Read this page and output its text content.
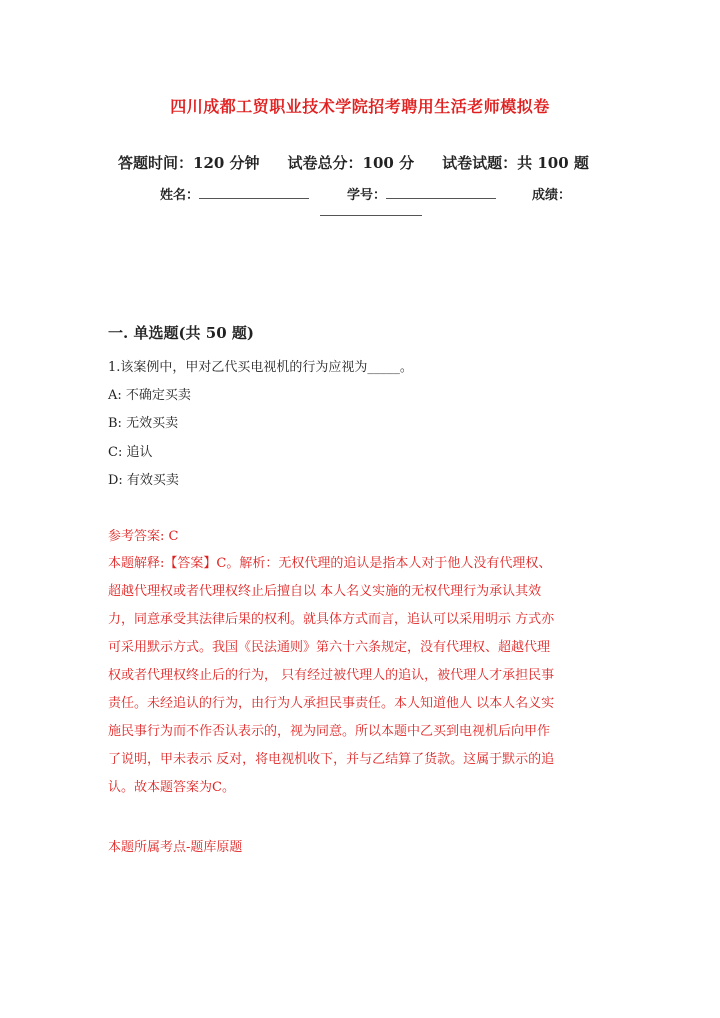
四川成都工贸职业技术学院招考聘用生活老师模拟卷
答题时间：120 分钟 试卷总分：100 分 试卷试题：共 100 题
姓名：	学号：	成绩：
一. 单选题(共 50 题)
1.该案例中，甲对乙代买电视机的行为应视为_____。
A: 不确定买卖
B: 无效买卖
C: 追认
D: 有效买卖
参考答案: C
本题解释:【答案】C。解析：无权代理的追认是指本人对于他人没有代理权、
超越代理权或者代理权终止后擅自以 本人名义实施的无权代理行为承认其效
力，同意承受其法律后果的权利。就具体方式而言，追认可以采用明示 方式亦
可采用默示方式。我国《民法通则》第六十六条规定，没有代理权、超越代理
权或者代理权终止后的行为， 只有经过被代理人的追认，被代理人才承担民事
责任。未经追认的行为，由行为人承担民事责任。本人知道他人 以本人名义实
施民事行为而不作否认表示的，视为同意。所以本题中乙买到电视机后向甲作
了说明，甲未表示 反对，将电视机收下，并与乙结算了货款。这属于默示的追
认。故本题答案为C。
本题所属考点-题库原题
